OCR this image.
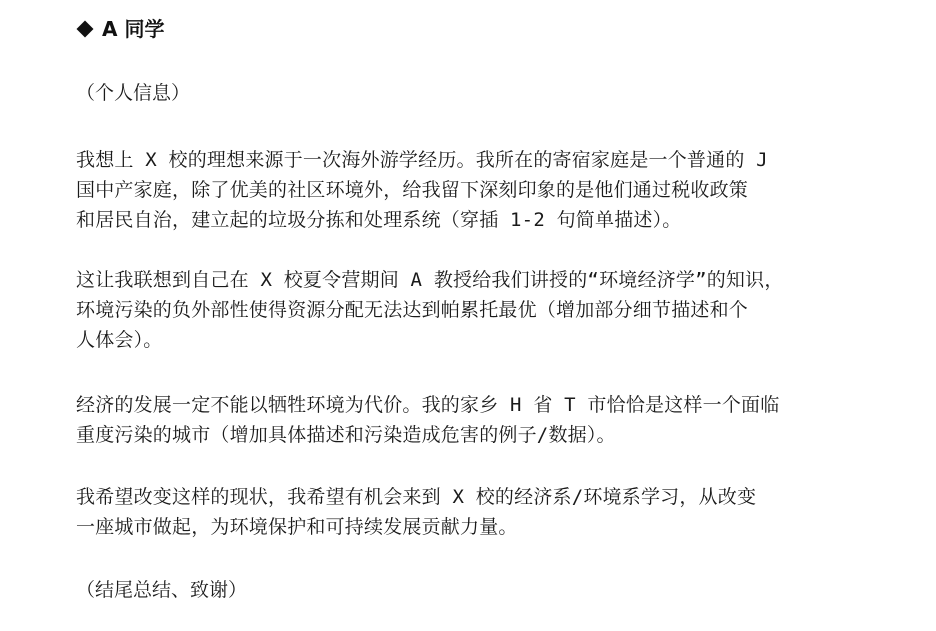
A 同学
（个人信息）
我想上 X 校的理想来源于一次海外游学经历。我所在的寄宿家庭是一个普通的 J
国中产家庭，除了优美的社区环境外，给我留下深刻印象的是他们通过税收政策
和居民自治，建立起的垃圾分拣和处理系统（穿插 1-2 句简单描述）。
这让我联想到自己在 X 校夏令营期间 A 教授给我们讲授的“环境经济学”的知识，
环境污染的负外部性使得资源分配无法达到帕累托最优（增加部分细节描述和个
人体会）。
经济的发展一定不能以牺牲环境为代价。我的家乡 H 省 T 市恰恰是这样一个面临
重度污染的城市（增加具体描述和污染造成危害的例子/数据）。
我希望改变这样的现状，我希望有机会来到 X 校的经济系/环境系学习，从改变
一座城市做起，为环境保护和可持续发展贡献力量。
（结尾总结、致谢）
